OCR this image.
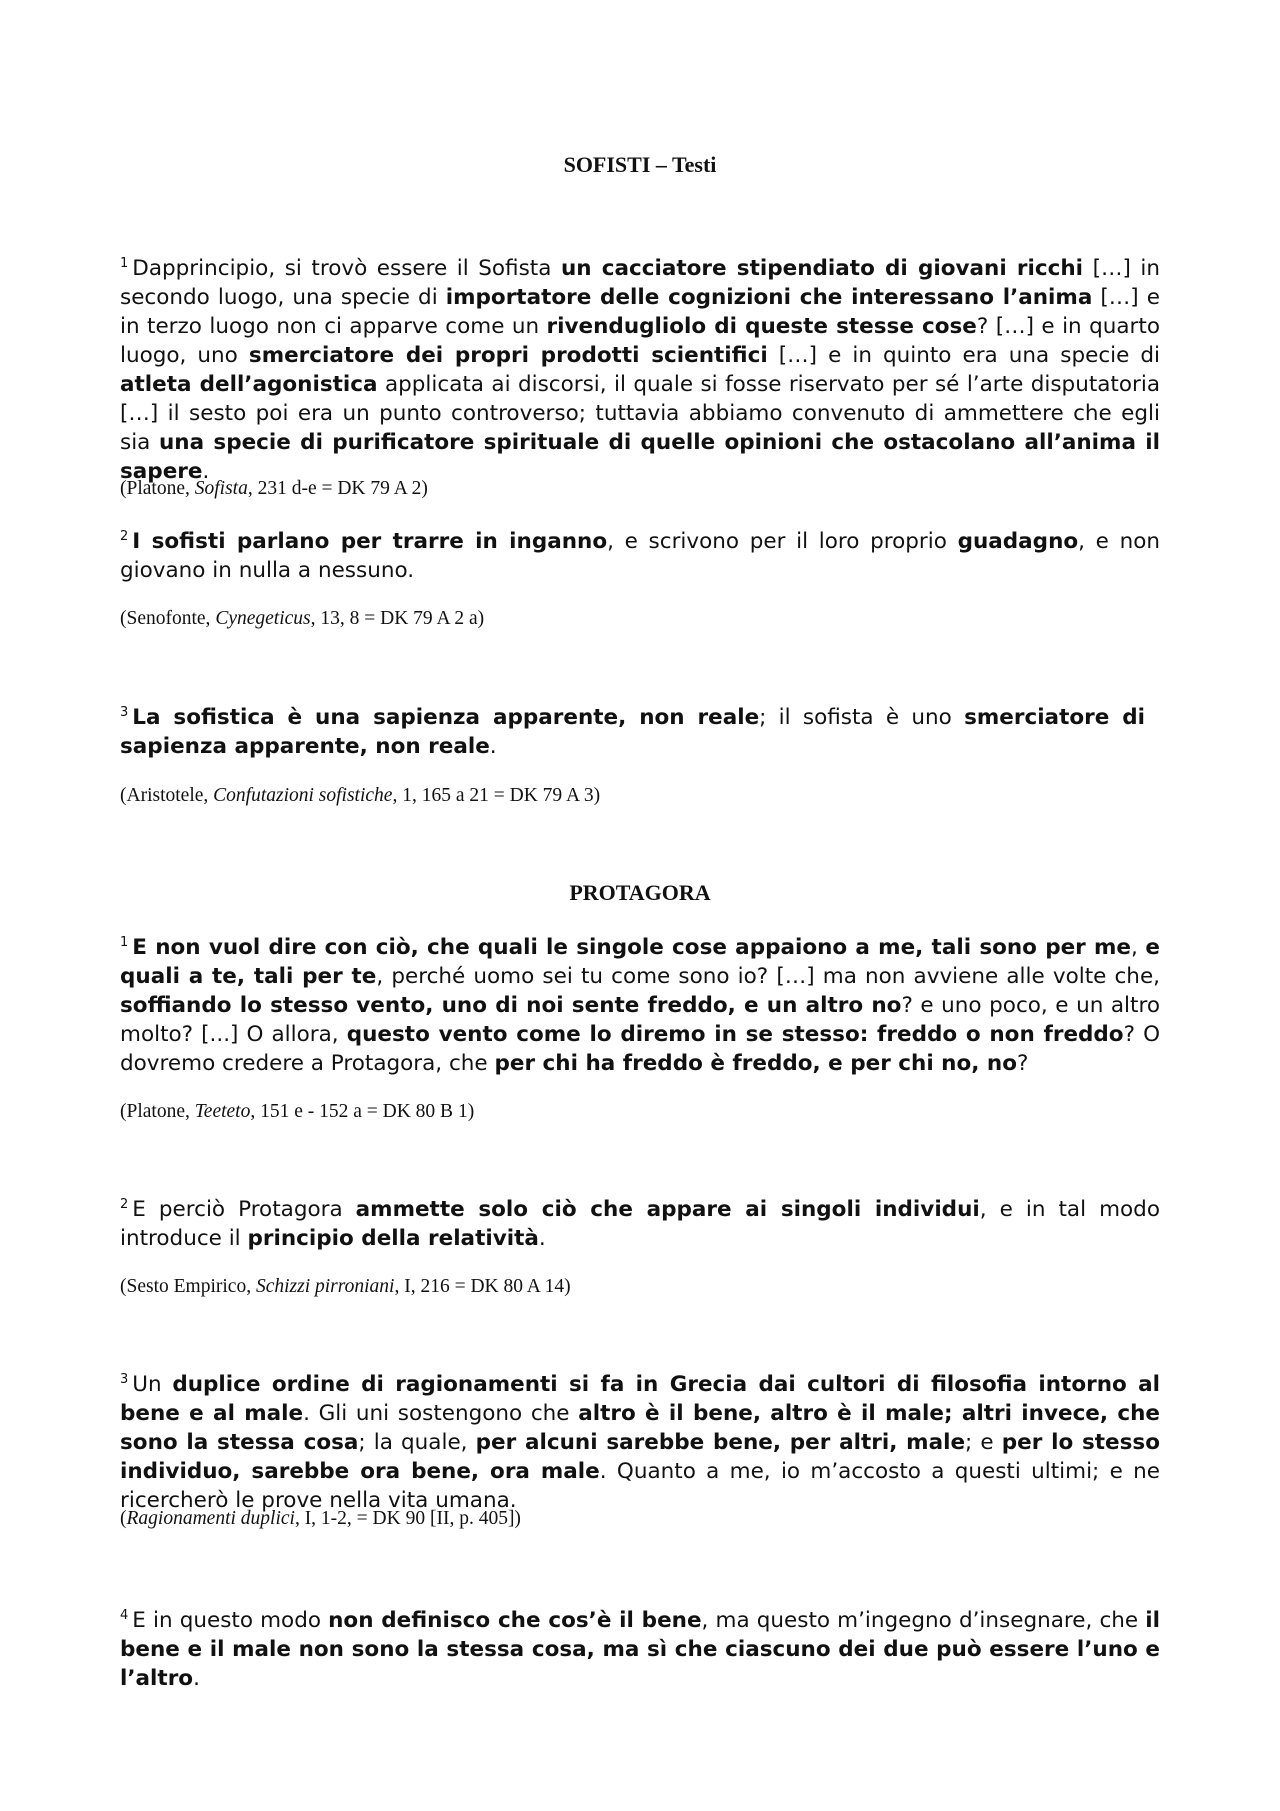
SOFISTI – Testi

$^1$ Dapprincipio, si trovò essere il Sofista un cacciatore stipendiato di giovani ricchi […] in secondo luogo, una specie di importatore delle cognizioni che interessano l’anima […] e in terzo luogo non ci apparve come un rivendugliolo di queste stesse cose? […] e in quarto luogo, uno smerciatore dei propri prodotti scientifici […] e in quinto era una specie di atleta dell’agonistica applicata ai discorsi, il quale si fosse riservato per sé l’arte disputatoria […] il sesto poi era un punto controverso; tuttavia abbiamo convenuto di ammettere che egli sia una specie di purificatore spirituale di quelle opinioni che ostacolano all’anima il sapere.

(Platone, Sofista, 231 d-e = DK 79 A 2)

$^2$ I sofisti parlano per trarre in inganno, e scrivono per il loro proprio guadagno, e non giovano in nulla a nessuno.

(Senofonte, Cynegeticus, 13, 8 = DK 79 A 2 a)

$^3$ La sofistica è una sapienza apparente, non reale; il sofista è uno smerciatore di sapienza apparente, non reale.

(Aristotele, Confutazioni sofistiche, 1, 165 a 21 = DK 79 A 3)

PROTAGORA

$^1$ E non vuol dire con ciò, che quali le singole cose appaiono a me, tali sono per me, e quali a te, tali per te, perché uomo sei tu come sono io? […] ma non avviene alle volte che, soffiando lo stesso vento, uno di noi sente freddo, e un altro no? e uno poco, e un altro molto? [...] O allora, questo vento come lo diremo in se stesso: freddo o non freddo? O dovremo credere a Protagora, che per chi ha freddo è freddo, e per chi no, no?

(Platone, Teeteto, 151 e - 152 a = DK 80 B 1)

$^2$ E perciò Protagora ammette solo ciò che appare ai singoli individui, e in tal modo introduce il principio della relatività.

(Sesto Empirico, Schizzi pirroniani, I, 216 = DK 80 A 14)

$^3$ Un duplice ordine di ragionamenti si fa in Grecia dai cultori di filosofia intorno al bene e al male. Gli uni sostengono che altro è il bene, altro è il male; altri invece, che sono la stessa cosa; la quale, per alcuni sarebbe bene, per altri, male; e per lo stesso individuo, sarebbe ora bene, ora male. Quanto a me, io m’accosto a questi ultimi; e ne ricercherò le prove nella vita umana.

(Ragionamenti duplici, I, 1-2, = DK 90 [II, p. 405])

$^4$ E in questo modo non definisco che cos’è il bene, ma questo m’ingegno d’insegnare, che il bene e il male non sono la stessa cosa, ma sì che ciascuno dei due può essere l’uno e l’altro.
